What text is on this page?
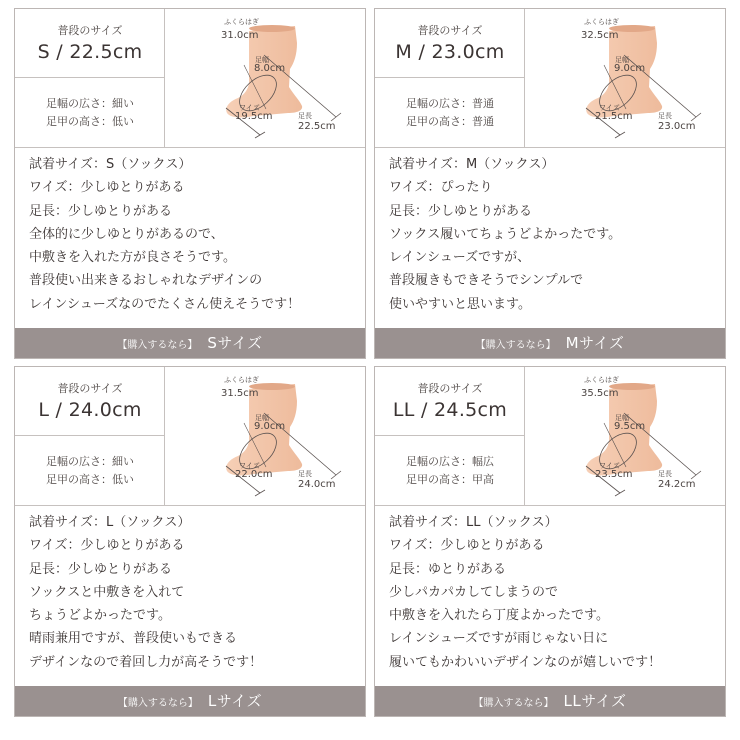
普段のサイズ
S / 22.5cm
足幅の広さ：細い
足甲の高さ：低い
ふくらはぎ
31.0cm
足幅
8.0cm
ワイズ
19.5cm	足長
22.5cm

試着サイズ：S（ソックス）

ワイズ：少しゆとりがある

足長：少しゆとりがある

全体的に少しゆとりがあるので、

中敷きを入れた方が良さそうです。

普段使い出来きるおしゃれなデザインの

レインシューズなのでたくさん使えそうです！

【購入するなら】 Sサイズ
普段のサイズ
M / 23.0cm
足幅の広さ：普通
足甲の高さ：普通
ふくらはぎ
32.5cm
足幅
9.0cm
ワイズ
21.5cm	足長
23.0cm

試着サイズ：M（ソックス）

ワイズ：ぴったり

足長：少しゆとりがある

ソックス履いてちょうどよかったです。

レインシューズですが、

普段履きもできそうでシンプルで

使いやすいと思います。

【購入するなら】 Mサイズ
普段のサイズ
L / 24.0cm
足幅の広さ：細い
足甲の高さ：低い
ふくらはぎ
31.5cm
足幅
9.0cm
ワイズ
22.0cm	足長
24.0cm

試着サイズ：L（ソックス）

ワイズ：少しゆとりがある

足長：少しゆとりがある

ソックスと中敷きを入れて

ちょうどよかったです。

晴雨兼用ですが、普段使いもできる

デザインなので着回し力が高そうです！

【購入するなら】 Lサイズ
普段のサイズ
LL / 24.5cm
足幅の広さ：幅広
足甲の高さ：甲高
ふくらはぎ
35.5cm
足幅
9.5cm
ワイズ
23.5cm	足長
24.2cm

試着サイズ：LL（ソックス）

ワイズ：少しゆとりがある

足長：ゆとりがある

少しパカパカしてしまうので

中敷きを入れたら丁度よかったです。

レインシューズですが雨じゃない日に

履いてもかわいいデザインなのが嬉しいです！

【購入するなら】 LLサイズ
